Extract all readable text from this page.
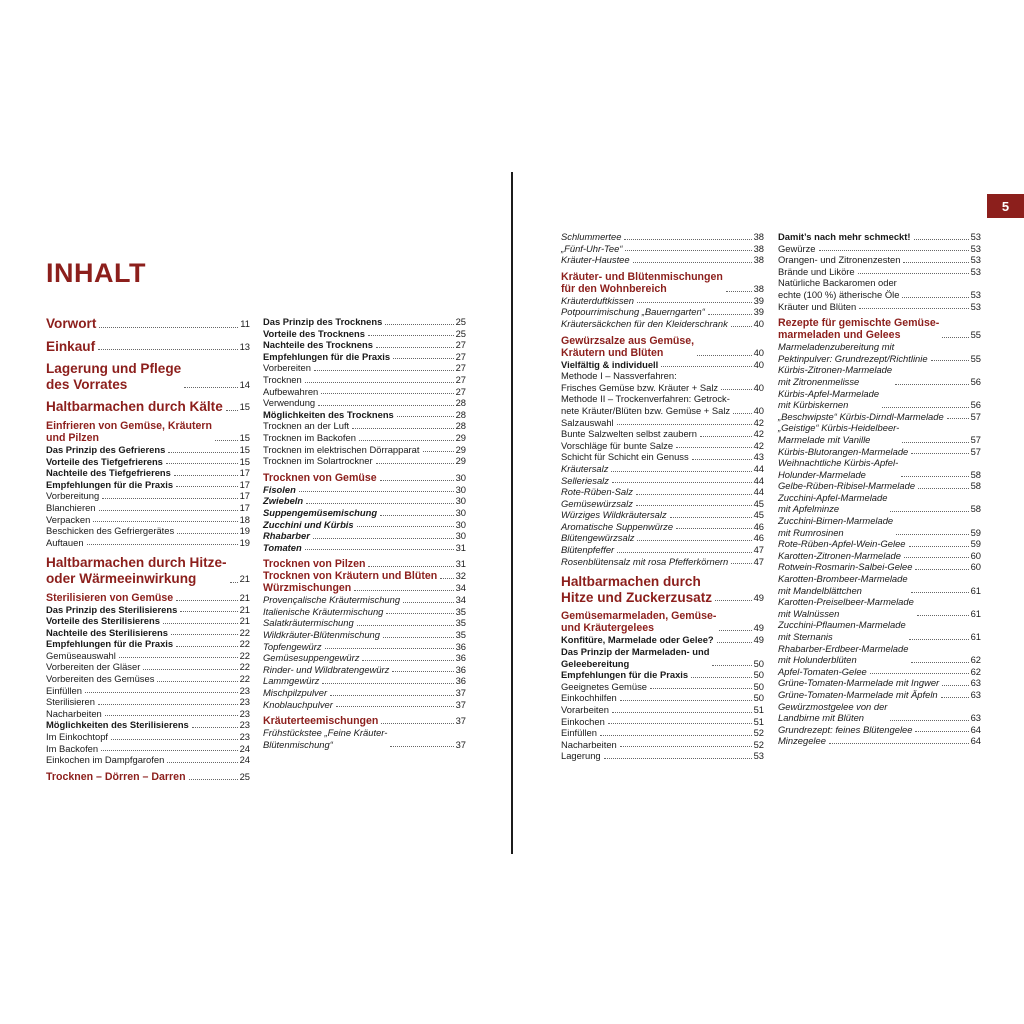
5
INHALT
Vorwort	11
Einkauf	13
Lagerung und Pflege
des Vorrates	14
Haltbarmachen durch Kälte 15
Einfrieren von Gemüse, Kräutern
und Pilzen	15
Das Prinzip des Gefrierens	15
Vorteile des Tiefgefrierens	15
Nachteile des Tiefgefrierens	17
Empfehlungen für die Praxis	17
Vorbereitung	17
Blanchieren	17
Verpacken	18
Beschicken des Gefriergerätes	19
Auftauen	19
Haltbarmachen durch Hitze-
oder Wärmeeinwirkung	21
Sterilisieren von Gemüse	21
Das Prinzip des Sterilisierens	21
Vorteile des Sterilisierens	21
Nachteile des Sterilisierens	22
Empfehlungen für die Praxis	22
Gemüseauswahl	22
Vorbereiten der Gläser	22
Vorbereiten des Gemüses	22
Einfüllen	23
Sterilisieren	23
Nacharbeiten	23
Möglichkeiten des Sterilisierens	23
Im Einkochtopf	23
Im Backofen	24
Einkochen im Dampfgarofen	24
Trocknen – Dörren – Darren	25
Das Prinzip des Trocknens	25
Vorteile des Trocknens	25
Nachteile des Trocknens	27
Empfehlungen für die Praxis	27
Vorbereiten	27
Trocknen	27
Aufbewahren	27
Verwendung	28
Möglichkeiten des Trocknens	28
Trocknen an der Luft	28
Trocknen im Backofen	29
Trocknen im elektrischen Dörrapparat	29
Trocknen im Solartrockner	29
Trocknen von Gemüse	30
Fisolen	30
Zwiebeln	30
Suppengemüsemischung	30
Zucchini und Kürbis	30
Rhabarber	30
Tomaten	31
Trocknen von Pilzen	31
Trocknen von Kräutern und Blüten 32
Würzmischungen	34
Provençalische Kräutermischung	34
Italienische Kräutermischung	35
Salatkräutermischung	35
Wildkräuter-Blütenmischung	35
Topfengewürz	36
Gemüsesuppengewürz	36
Rinder- und Wildbratengewürz	36
Lammgewürz	36
Mischpilzpulver	37
Knoblauchpulver	37
Kräuterteemischungen	37
Frühstückstee „Feine Kräuter-
Blütenmischung“	37
Schlummertee	38
„Fünf-Uhr-Tee“	38
Kräuter-Haustee	38
Kräuter- und Blütenmischungen
für den Wohnbereich	38
Kräuterduftkissen	39
Potpourrimischung „Bauerngarten“	39
Kräutersäckchen für den Kleiderschrank	40
Gewürzsalze aus Gemüse,
Kräutern und Blüten	40
Vielfältig & individuell	40
Methode I – Nassverfahren:
Frisches Gemüse bzw. Kräuter + Salz	40
Methode II – Trockenverfahren: Getrock-
nete Kräuter/Blüten bzw. Gemüse + Salz 40
Salzauswahl	42
Bunte Salzwelten selbst zaubern	42
Vorschläge für bunte Salze	42
Schicht für Schicht ein Genuss	43
Kräutersalz	44
Selleriesalz	44
Rote-Rüben-Salz	44
Gemüsewürzsalz	45
Würziges Wildkräutersalz	45
Aromatische Suppenwürze	46
Blütengewürzsalz	46
Blütenpfeffer	47
Rosenblütensalz mit rosa Pfefferkörnern	47
Haltbarmachen durch
Hitze und Zuckerzusatz	49
Gemüsemarmeladen, Gemüse-
und Kräutergelees	49
Konfitüre, Marmelade oder Gelee?	49
Das Prinzip der Marmeladen- und
Geleebereitung	50
Empfehlungen für die Praxis	50
Geeignetes Gemüse	50
Einkochhilfen	50
Vorarbeiten	51
Einkochen	51
Einfüllen	52
Nacharbeiten	52
Lagerung	53
Damit’s nach mehr schmeckt!	53
Gewürze	53
Orangen- und Zitronenzesten	53
Brände und Liköre	53
Natürliche Backaromen oder
echte (100 %) ätherische Öle	53
Kräuter und Blüten	53
Rezepte für gemischte Gemüse-
marmeladen und Gelees	55
Marmeladenzubereitung mit
Pektinpulver: Grundrezept/Richtlinie	55
Kürbis-Zitronen-Marmelade
mit Zitronenmelisse	56
Kürbis-Apfel-Marmelade
mit Kürbiskernen	56
„Beschwipste“ Kürbis-Dirndl-Marmelade	57
„Geistige“ Kürbis-Heidelbeer-
Marmelade mit Vanille	57
Kürbis-Blutorangen-Marmelade	57
Weihnachtliche Kürbis-Apfel-
Holunder-Marmelade	58
Gelbe-Rüben-Ribisel-Marmelade	58
Zucchini-Apfel-Marmelade
mit Apfelminze	58
Zucchini-Birnen-Marmelade
mit Rumrosinen	59
Rote-Rüben-Apfel-Wein-Gelee	59
Karotten-Zitronen-Marmelade	60
Rotwein-Rosmarin-Salbei-Gelee	60
Karotten-Brombeer-Marmelade
mit Mandelblättchen	61
Karotten-Preiselbeer-Marmelade
mit Walnüssen	61
Zucchini-Pflaumen-Marmelade
mit Sternanis	61
Rhabarber-Erdbeer-Marmelade
mit Holunderblüten	62
Apfel-Tomaten-Gelee	62
Grüne-Tomaten-Marmelade mit Ingwer	63
Grüne-Tomaten-Marmelade mit Äpfeln	63
Gewürzmostgelee von der
Landbirne mit Blüten	63
Grundrezept: feines Blütengelee	64
Minzegelee	64
